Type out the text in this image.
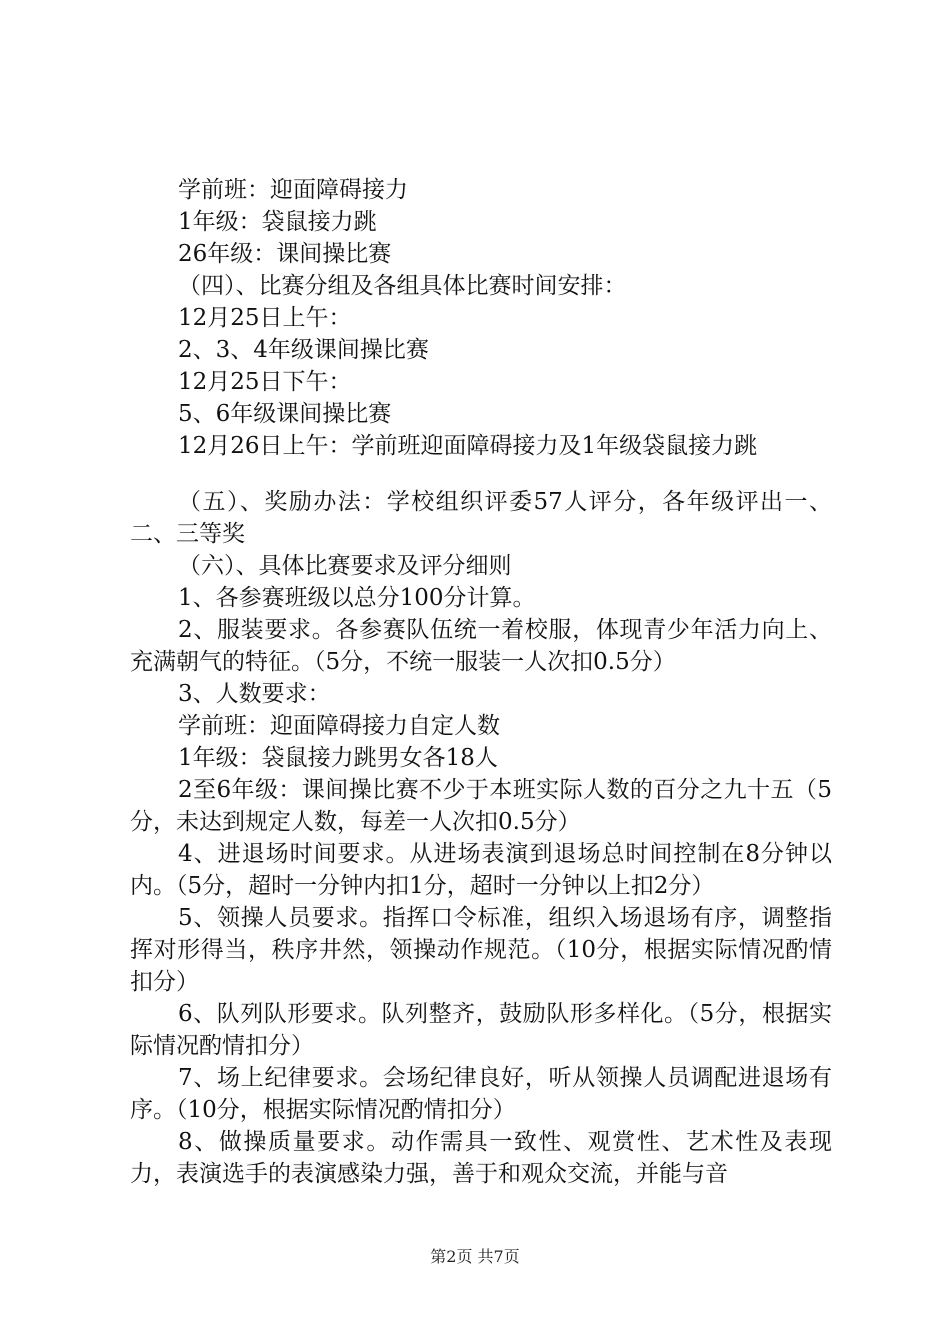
学前班：迎面障碍接力
1年级：袋鼠接力跳
26年级：课间操比赛
（四）、比赛分组及各组具体比赛时间安排：
12月25日上午：
2、3、4年级课间操比赛
12月25日下午：
5、6年级课间操比赛
12月26日上午：学前班迎面障碍接力及1年级袋鼠接力跳
（五）、奖励办法：学校组织评委57人评分，各年级评出一、二、三等奖
（六）、具体比赛要求及评分细则
1、各参赛班级以总分100分计算。
2、服装要求。各参赛队伍统一着校服，体现青少年活力向上、充满朝气的特征。（5分，不统一服装一人次扣0.5分）
3、人数要求：
学前班：迎面障碍接力自定人数
1年级：袋鼠接力跳男女各18人
2至6年级：课间操比赛不少于本班实际人数的百分之九十五（5分，未达到规定人数，每差一人次扣0.5分）
4、进退场时间要求。从进场表演到退场总时间控制在8分钟以内。（5分，超时一分钟内扣1分，超时一分钟以上扣2分）
5、领操人员要求。指挥口令标准，组织入场退场有序，调整指挥对形得当，秩序井然，领操动作规范。（10分，根据实际情况酌情扣分）
6、队列队形要求。队列整齐，鼓励队形多样化。（5分，根据实际情况酌情扣分）
7、场上纪律要求。会场纪律良好，听从领操人员调配进退场有序。（10分，根据实际情况酌情扣分）
8、做操质量要求。动作需具一致性、观赏性、艺术性及表现力，表演选手的表演感染力强，善于和观众交流，并能与音
第2页 共7页
